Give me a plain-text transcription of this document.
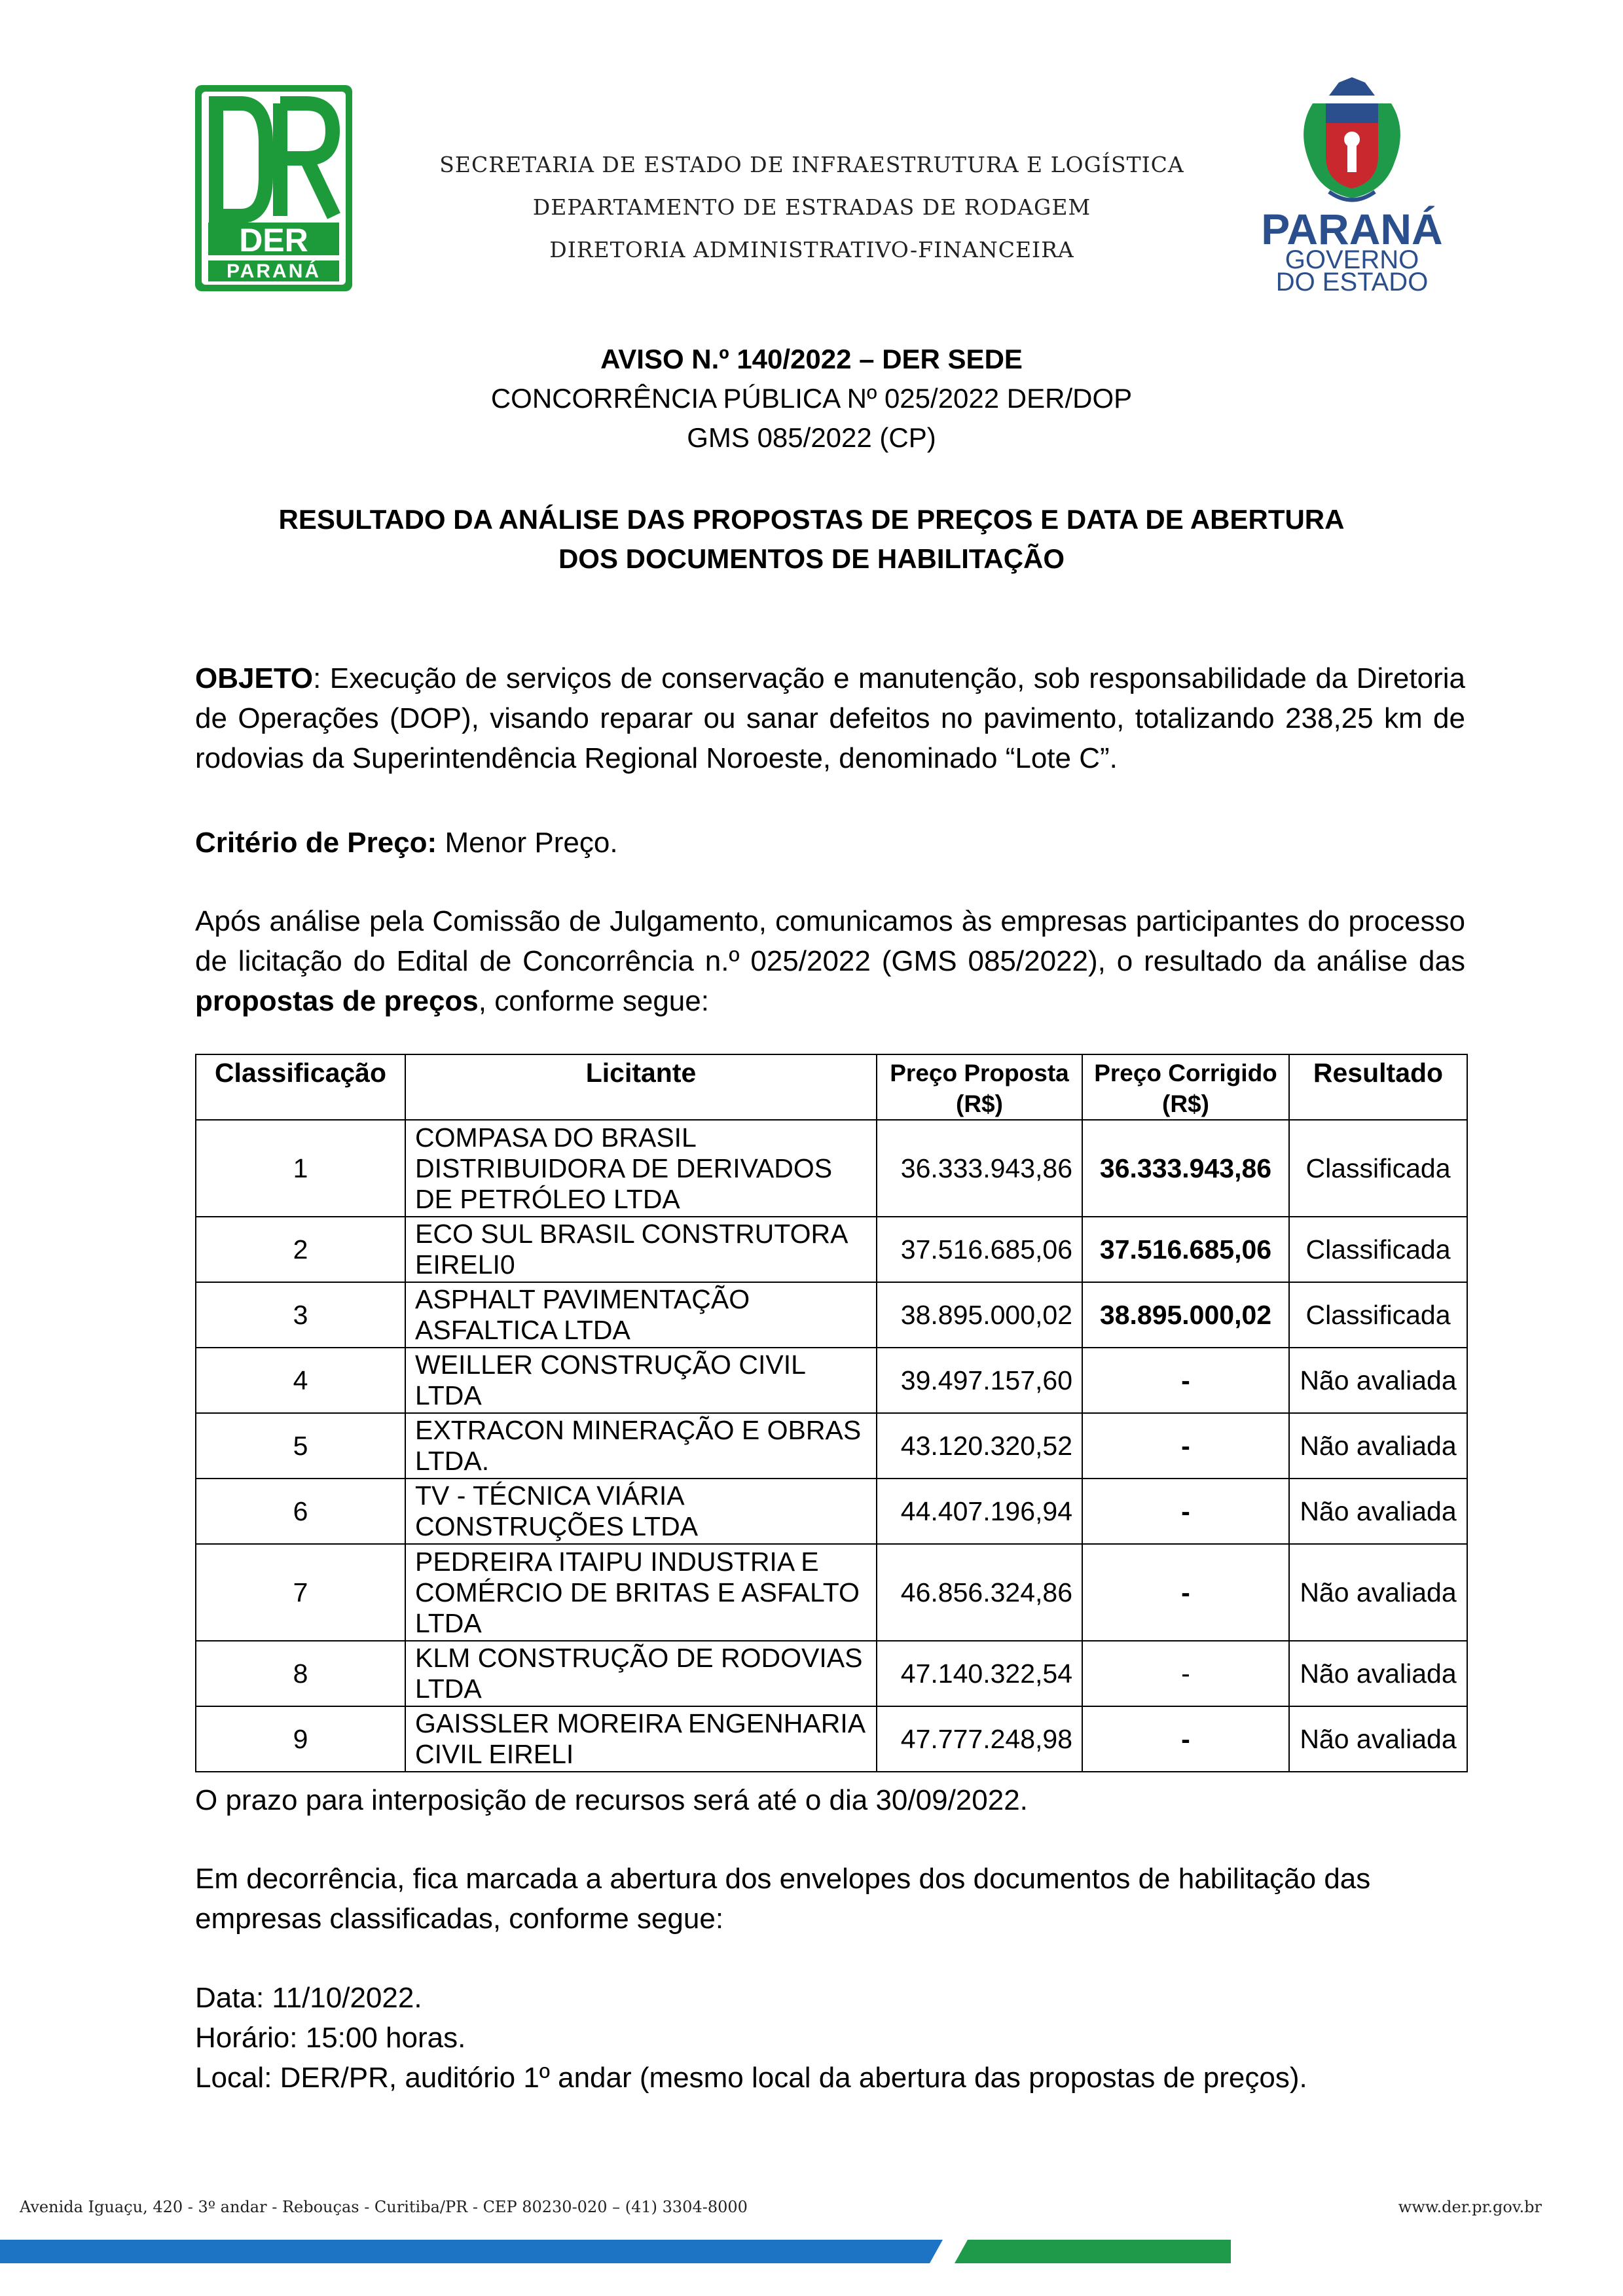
DER
PARANÁ
SECRETARIA DE ESTADO DE INFRAESTRUTURA E LOGÍSTICA
DEPARTAMENTO DE ESTRADAS DE RODAGEM
DIRETORIA ADMINISTRATIVO-FINANCEIRA	PARANÁ
GOVERNO
DO ESTADO
AVISO N.º 140/2022 – DER SEDE
CONCORRÊNCIA PÚBLICA Nº 025/2022 DER/DOP
GMS 085/2022 (CP)
RESULTADO DA ANÁLISE DAS PROPOSTAS DE PREÇOS E DATA DE ABERTURA
DOS DOCUMENTOS DE HABILITAÇÃO
OBJETO: Execução de serviços de conservação e manutenção, sob responsabilidade da Diretoria de Operações (DOP), visando reparar ou sanar defeitos no pavimento, totalizando 238,25 km de rodovias da Superintendência Regional Noroeste, denominado “Lote C”.
Critério de Preço: Menor Preço.
Após análise pela Comissão de Julgamento, comunicamos às empresas participantes do processo de licitação do Edital de Concorrência n.º 025/2022 (GMS 085/2022), o resultado da análise das propostas de preços, conforme segue:
Classificação	Licitante	Preço Proposta (R$)	Preço Corrigido (R$)	Resultado
1	COMPASA DO BRASIL DISTRIBUIDORA DE DERIVADOS DE PETRÓLEO LTDA	36.333.943,86	36.333.943,86	Classificada
2	ECO SUL BRASIL CONSTRUTORA EIRELI0	37.516.685,06	37.516.685,06	Classificada
3	ASPHALT PAVIMENTAÇÃO ASFALTICA LTDA	38.895.000,02	38.895.000,02	Classificada
4	WEILLER CONSTRUÇÃO CIVIL LTDA	39.497.157,60	-	Não avaliada
5	EXTRACON MINERAÇÃO E OBRAS LTDA.	43.120.320,52	-	Não avaliada
6	TV - TÉCNICA VIÁRIA CONSTRUÇÕES LTDA	44.407.196,94	-	Não avaliada
7	PEDREIRA ITAIPU INDUSTRIA E COMÉRCIO DE BRITAS E ASFALTO LTDA	46.856.324,86	-	Não avaliada
8	KLM CONSTRUÇÃO DE RODOVIAS LTDA	47.140.322,54	-	Não avaliada
9	GAISSLER MOREIRA ENGENHARIA CIVIL EIRELI	47.777.248,98	-	Não avaliada
O prazo para interposição de recursos será até o dia 30/09/2022.
Em decorrência, fica marcada a abertura dos envelopes dos documentos de habilitação das empresas classificadas, conforme segue:
Data: 11/10/2022.
Horário: 15:00 horas.
Local: DER/PR, auditório 1º andar (mesmo local da abertura das propostas de preços).
Avenida Iguaçu, 420 - 3º andar - Rebouças - Curitiba/PR - CEP 80230-020 – (41) 3304-8000	www.der.pr.gov.br
